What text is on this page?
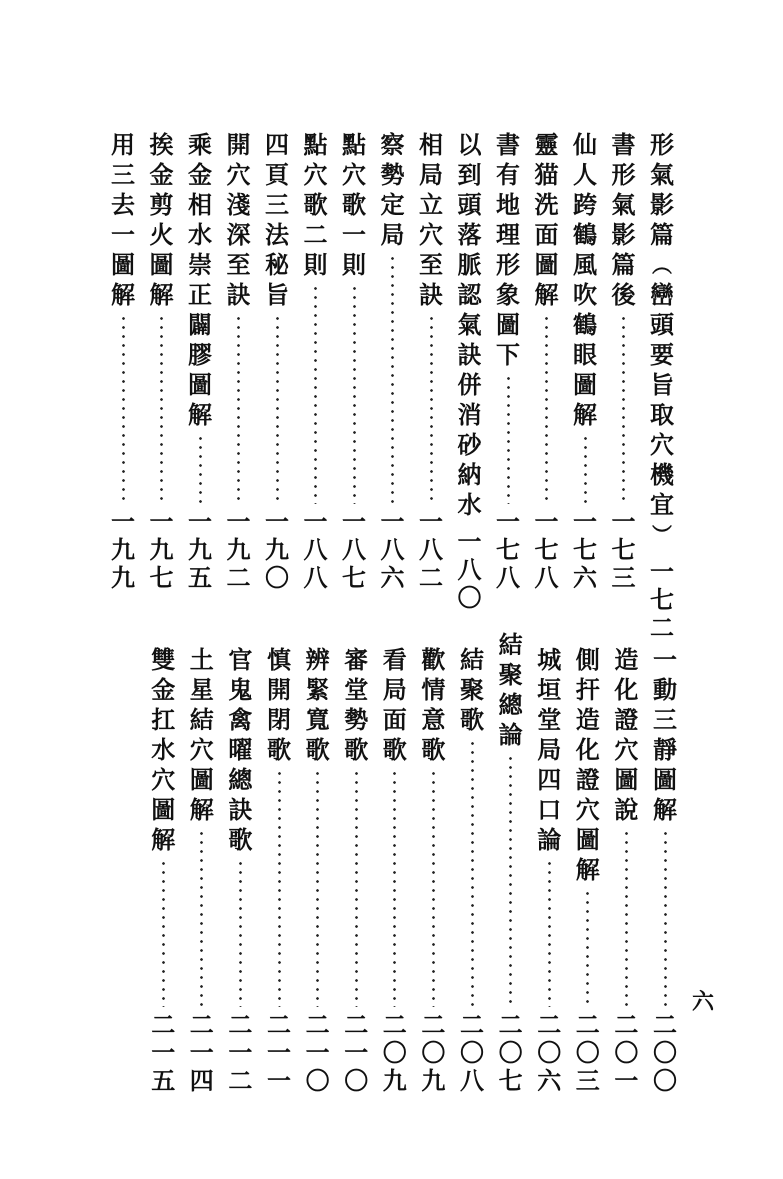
形
氣
影
篇
︵
巒
頭
要
旨
取
穴
機
宜
︶
一
七
二
書
形
氣
影
篇
後
一
七
三
仙
人
跨
鶴
風
吹
鶴
眼
圖
解
一
七
六
靈
猫
洗
面
圖
解
一
七
八
書
有
地
理
形
象
圖
下
一
七
八
以
到
頭
落
脈
認
氣
訣
併
消
砂
納
水
一
八
〇
相
局
立
穴
至
訣
一
八
二
察
勢
定
局
一
八
六
點
穴
歌
一
則
一
八
七
點
穴
歌
二
則
一
八
八
四
頁
三
法
秘
旨
一
九
〇
開
穴
淺
深
至
訣
一
九
二
乘
金
相
水
崇
正
闢
膠
圖
解
一
九
五
挨
金
剪
火
圖
解
一
九
七
用
三
去
一
圖
解
一
九
九
一
動
三
靜
圖
解
二
〇
〇
造
化
證
穴
圖
說
二
〇
一
側
扞
造
化
證
穴
圖
解
二
〇
三
城
垣
堂
局
四
口
論
二
〇
六
結
聚
總
論
二
〇
七
結
聚
歌
二
〇
八
歡
情
意
歌
二
〇
九
看
局
面
歌
二
〇
九
審
堂
勢
歌
二
一
〇
辨
緊
寬
歌
二
一
〇
慎
開
閉
歌
二
一
一
官
鬼
禽
曜
總
訣
歌
二
一
二
土
星
結
穴
圖
解
二
一
四
雙
金
扛
水
穴
圖
解
二
一
五
六
